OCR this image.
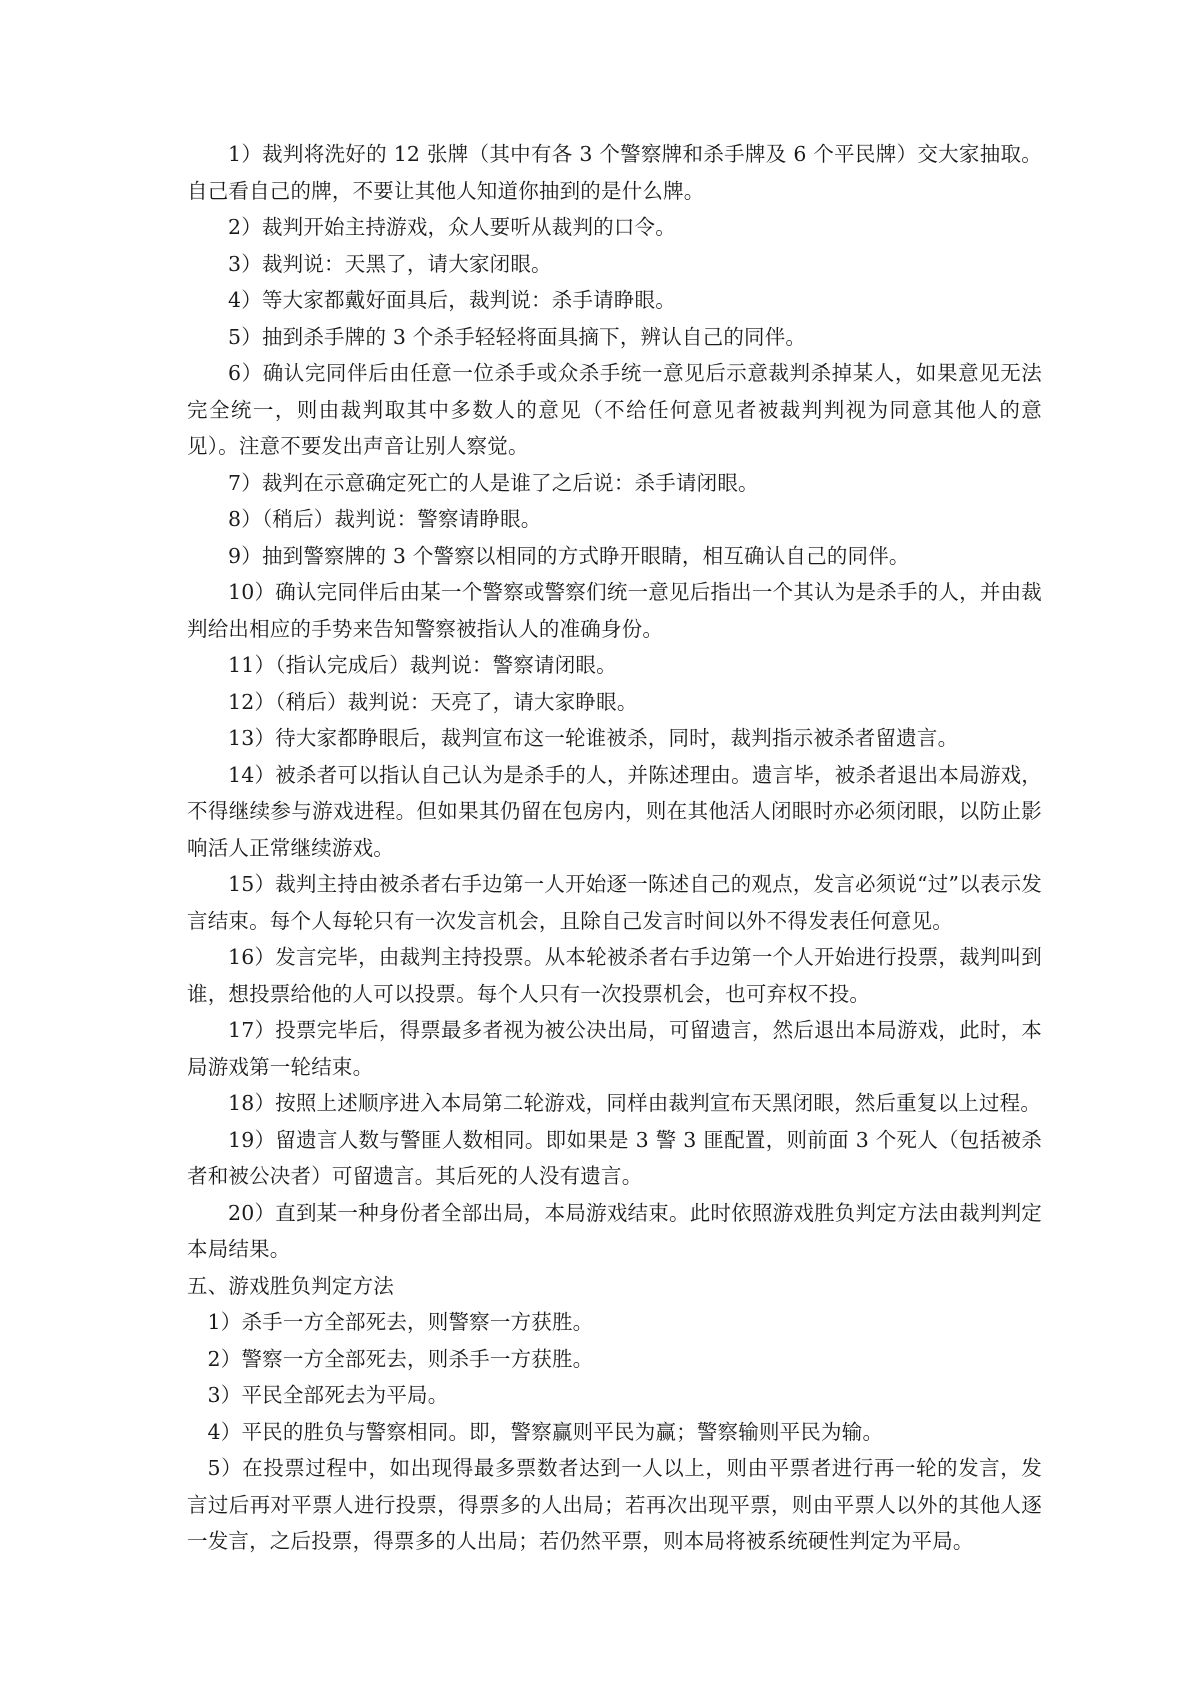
1）裁判将洗好的 12 张牌（其中有各 3 个警察牌和杀手牌及 6 个平民牌）交大家抽取。自己看自己的牌，不要让其他人知道你抽到的是什么牌。

2）裁判开始主持游戏，众人要听从裁判的口令。

3）裁判说：天黑了，请大家闭眼。

4）等大家都戴好面具后，裁判说：杀手请睁眼。

5）抽到杀手牌的 3 个杀手轻轻将面具摘下，辨认自己的同伴。

6）确认完同伴后由任意一位杀手或众杀手统一意见后示意裁判杀掉某人，如果意见无法完全统一，则由裁判取其中多数人的意见（不给任何意见者被裁判判视为同意其他人的意见）。注意不要发出声音让别人察觉。

7）裁判在示意确定死亡的人是谁了之后说：杀手请闭眼。

8）（稍后）裁判说：警察请睁眼。

9）抽到警察牌的 3 个警察以相同的方式睁开眼睛，相互确认自己的同伴。

10）确认完同伴后由某一个警察或警察们统一意见后指出一个其认为是杀手的人，并由裁判给出相应的手势来告知警察被指认人的准确身份。

11）（指认完成后）裁判说：警察请闭眼。

12）（稍后）裁判说：天亮了，请大家睁眼。

13）待大家都睁眼后，裁判宣布这一轮谁被杀，同时，裁判指示被杀者留遗言。

14）被杀者可以指认自己认为是杀手的人，并陈述理由。遗言毕，被杀者退出本局游戏，不得继续参与游戏进程。但如果其仍留在包房内，则在其他活人闭眼时亦必须闭眼，以防止影响活人正常继续游戏。

15）裁判主持由被杀者右手边第一人开始逐一陈述自己的观点，发言必须说“过”以表示发言结束。每个人每轮只有一次发言机会，且除自己发言时间以外不得发表任何意见。

16）发言完毕，由裁判主持投票。从本轮被杀者右手边第一个人开始进行投票，裁判叫到谁，想投票给他的人可以投票。每个人只有一次投票机会，也可弃权不投。

17）投票完毕后，得票最多者视为被公决出局，可留遗言，然后退出本局游戏，此时，本局游戏第一轮结束。

18）按照上述顺序进入本局第二轮游戏，同样由裁判宣布天黑闭眼，然后重复以上过程。

19）留遗言人数与警匪人数相同。即如果是 3 警 3 匪配置，则前面 3 个死人（包括被杀者和被公决者）可留遗言。其后死的人没有遗言。

20）直到某一种身份者全部出局，本局游戏结束。此时依照游戏胜负判定方法由裁判判定本局结果。

五、游戏胜负判定方法

1）杀手一方全部死去，则警察一方获胜。

2）警察一方全部死去，则杀手一方获胜。

3）平民全部死去为平局。

4）平民的胜负与警察相同。即，警察赢则平民为赢；警察输则平民为输。

5）在投票过程中，如出现得最多票数者达到一人以上，则由平票者进行再一轮的发言，发言过后再对平票人进行投票，得票多的人出局；若再次出现平票，则由平票人以外的其他人逐一发言，之后投票，得票多的人出局；若仍然平票，则本局将被系统硬性判定为平局。
